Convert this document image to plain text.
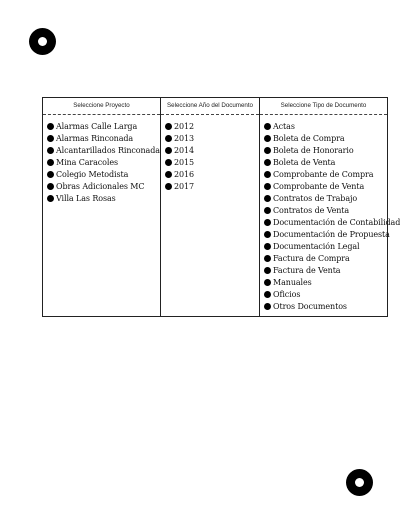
Seleccione Proyecto
Alarmas Calle Larga
Alarmas Rinconada
Alcantarillados Rinconada
Mina Caracoles
Colegio Metodista
Obras Adicionales MC
Villa Las Rosas
Seleccione Año del Documento
2012
2013
2014
2015
2016
2017
Seleccione Tipo de Documento
Actas
Boleta de Compra
Boleta de Honorario
Boleta de Venta
Comprobante de Compra
Comprobante de Venta
Contratos de Trabajo
Contratos de Venta
Documentación de Contabilidad
Documentación de Propuesta
Documentación Legal
Factura de Compra
Factura de Venta
Manuales
Oficios
Otros Documentos
